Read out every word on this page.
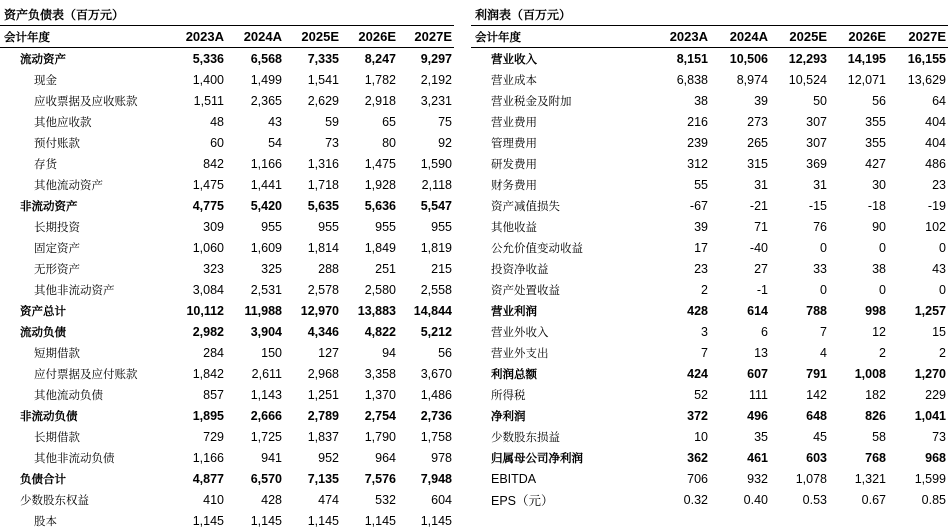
资产负债表（百万元）
会计年度	2023A	2024A	2025E	2026E	2027E
流动资产	5,336	6,568	7,335	8,247	9,297
现金	1,400	1,499	1,541	1,782	2,192
应收票据及应收账款	1,511	2,365	2,629	2,918	3,231
其他应收款	48	43	59	65	75
预付账款	60	54	73	80	92
存货	842	1,166	1,316	1,475	1,590
其他流动资产	1,475	1,441	1,718	1,928	2,118
非流动资产	4,775	5,420	5,635	5,636	5,547
长期投资	309	955	955	955	955
固定资产	1,060	1,609	1,814	1,849	1,819
无形资产	323	325	288	251	215
其他非流动资产	3,084	2,531	2,578	2,580	2,558
资产总计	10,112	11,988	12,970	13,883	14,844
流动负债	2,982	3,904	4,346	4,822	5,212
短期借款	284	150	127	94	56
应付票据及应付账款	1,842	2,611	2,968	3,358	3,670
其他流动负债	857	1,143	1,251	1,370	1,486
非流动负债	1,895	2,666	2,789	2,754	2,736
长期借款	729	1,725	1,837	1,790	1,758
其他非流动负债	1,166	941	952	964	978
负债合计	4,877	6,570	7,135	7,576	7,948
少数股东权益	410	428	474	532	604
股本	1,145	1,145	1,145	1,145	1,145
利润表（百万元）
会计年度	2023A	2024A	2025E	2026E	2027E
营业收入	8,151	10,506	12,293	14,195	16,155
营业成本	6,838	8,974	10,524	12,071	13,629
营业税金及附加	38	39	50	56	64
营业费用	216	273	307	355	404
管理费用	239	265	307	355	404
研发费用	312	315	369	427	486
财务费用	55	31	31	30	23
资产减值损失	-67	-21	-15	-18	-19
其他收益	39	71	76	90	102
公允价值变动收益	17	-40	0	0	0
投资净收益	23	27	33	38	43
资产处置收益	2	-1	0	0	0
营业利润	428	614	788	998	1,257
营业外收入	3	6	7	12	15
营业外支出	7	13	4	2	2
利润总额	424	607	791	1,008	1,270
所得税	52	111	142	182	229
净利润	372	496	648	826	1,041
少数股东损益	10	35	45	58	73
归属母公司净利润	362	461	603	768	968
EBITDA	706	932	1,078	1,321	1,599
EPS（元）	0.32	0.40	0.53	0.67	0.85
